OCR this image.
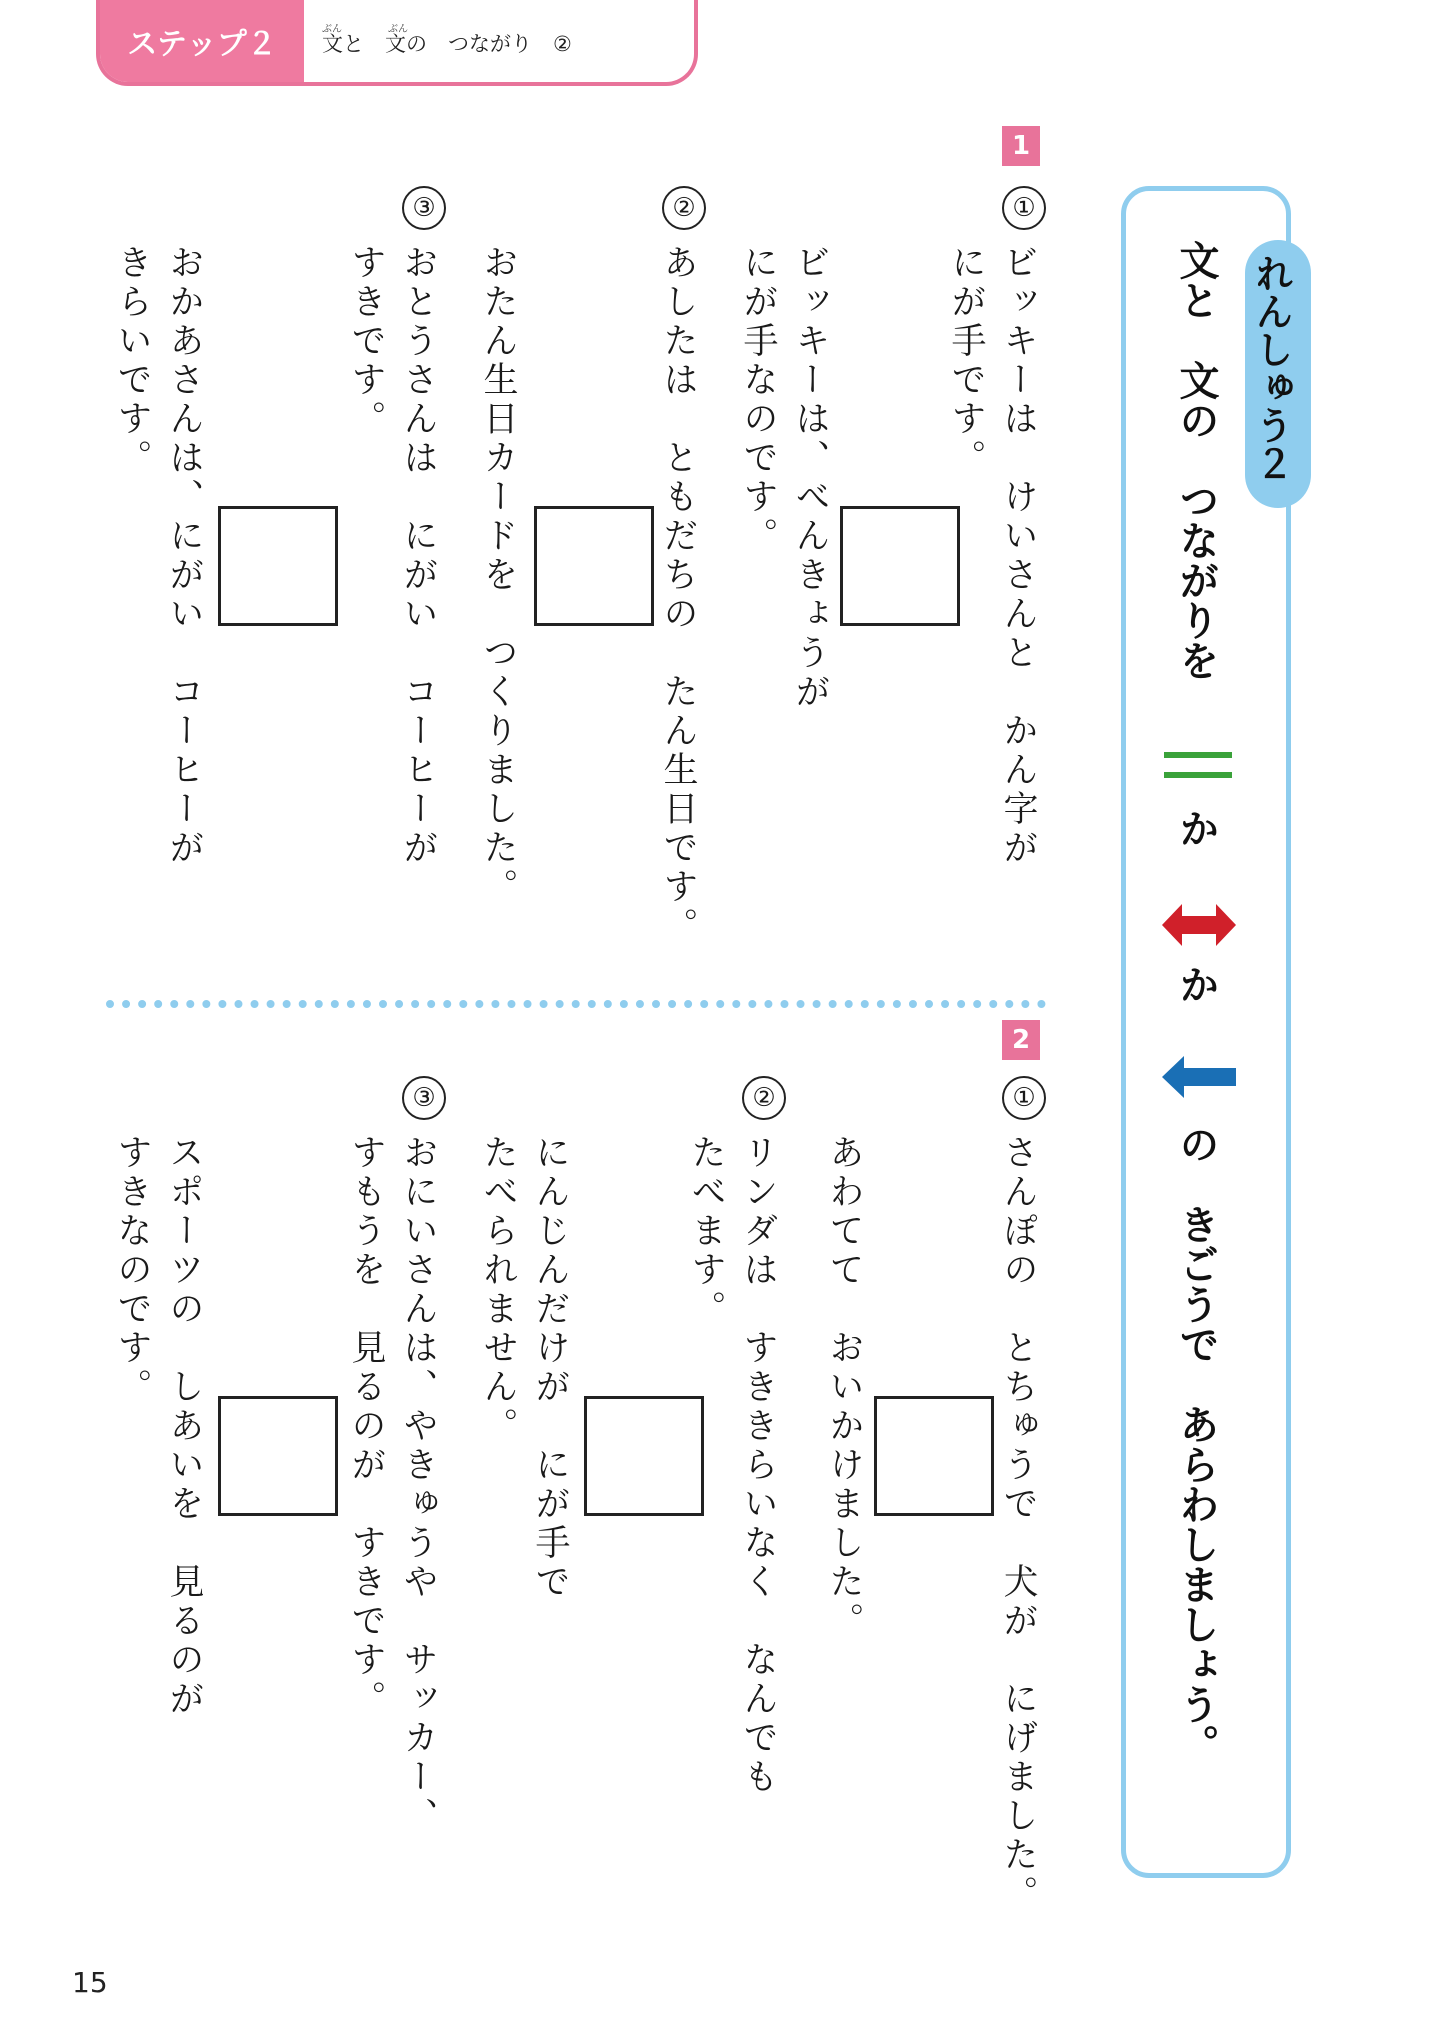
ステップ２	ぶん	ぶん
文と　文の　つながり　②
れんしゅう２
文と　文の　つながりを
か
か
の　きごうで　あらわしましょう。
1
①
ビッキーは　けいさんと　かん字が
にが手です。
ビッキーは、べんきょうが
にが手なのです。
②
あしたは　ともだちの　たん生日です。
おたん生日カードを　つくりました。
③
おとうさんは　にがい　コーヒーが
すきです。
おかあさんは、にがい　コーヒーが
きらいです。
2
①
さんぽの　とちゅうで　犬が　にげました。
あわてて　おいかけました。
②
リンダは　すききらいなく　なんでも
たべます。
にんじんだけが　にが手で
たべられません。
③
おにいさんは、やきゅうや　サッカー、
すもうを　見るのが　すきです。
スポーツの　しあいを　見るのが
すきなのです。
15
